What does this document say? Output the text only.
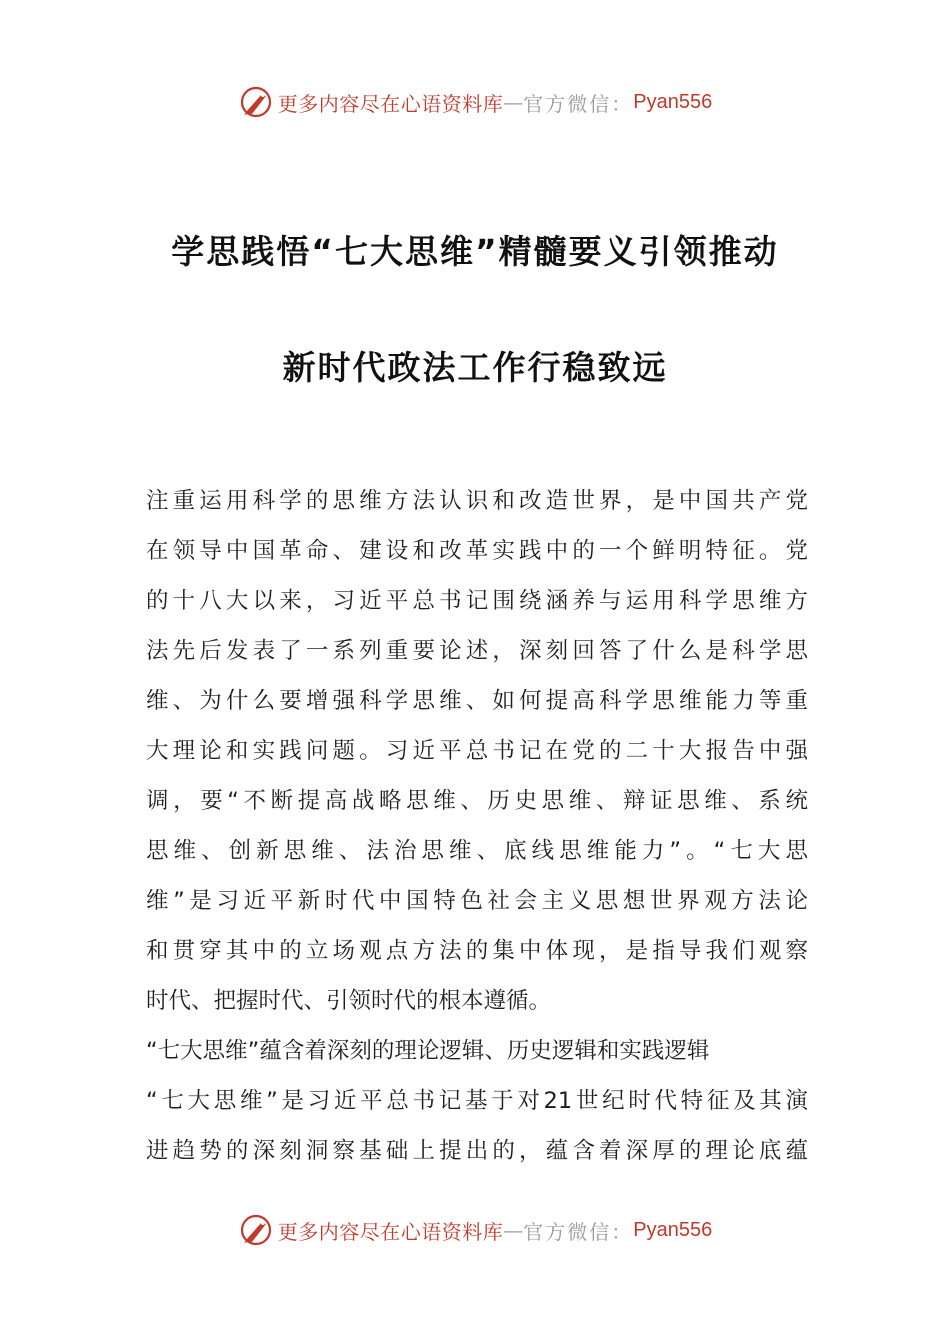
更多内容尽在心语资料库 — 官方微信： Pyan556
学思践悟“七大思维”精髓要义引领推动
新时代政法工作行稳致远
注重运用科学的思维方法认识和改造世界，是中国共产党
在领导中国革命、建设和改革实践中的一个鲜明特征。党
的十八大以来，习近平总书记围绕涵养与运用科学思维方
法先后发表了一系列重要论述，深刻回答了什么是科学思
维、为什么要增强科学思维、如何提高科学思维能力等重
大理论和实践问题。习近平总书记在党的二十大报告中强
调，要“不断提高战略思维、历史思维、辩证思维、系统
思维、创新思维、法治思维、底线思维能力”。“七大思
维”是习近平新时代中国特色社会主义思想世界观方法论
和贯穿其中的立场观点方法的集中体现，是指导我们观察
时代、把握时代、引领时代的根本遵循。
“七大思维”蕴含着深刻的理论逻辑、历史逻辑和实践逻辑
“七大思维”是习近平总书记基于对21世纪时代特征及其演
进趋势的深刻洞察基础上提出的，蕴含着深厚的理论底蕴
更多内容尽在心语资料库 — 官方微信： Pyan556
